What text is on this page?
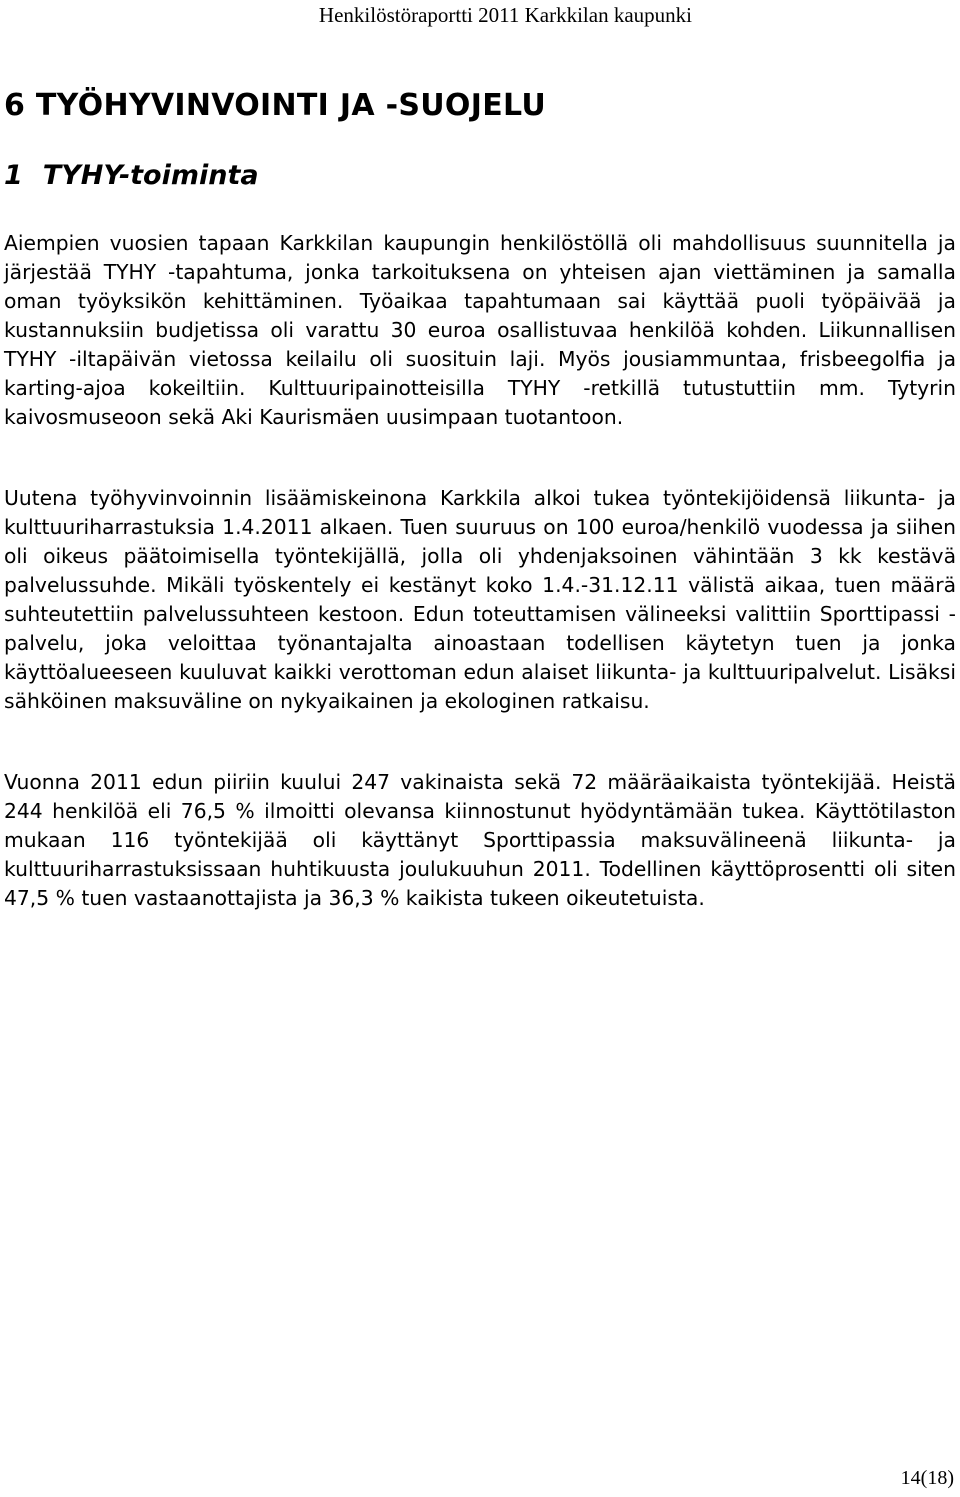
Henkilöstöraportti 2011 Karkkilan kaupunki
6 TYÖHYVINVOINTI JA -SUOJELU
1 TYHY-toiminta

Aiempien vuosien tapaan Karkkilan kaupungin henkilöstöllä oli mahdollisuus suunnitella ja järjestää TYHY -tapahtuma, jonka tarkoituksena on yhteisen ajan viettäminen ja samalla oman työyksikön kehittäminen. Työaikaa tapahtumaan sai käyttää puoli työpäivää ja kustannuksiin budjetissa oli varattu 30 euroa osallistuvaa henkilöä kohden. Liikunnallisen TYHY -iltapäivän vietossa keilailu oli suosituin laji. Myös jousiammuntaa, frisbeegolfia ja karting-ajoa kokeiltiin. Kulttuuripainotteisilla TYHY -retkillä tutustuttiin mm. Tytyrin kaivosmuseoon sekä Aki Kaurismäen uusimpaan tuotantoon.

Uutena työhyvinvoinnin lisäämiskeinona Karkkila alkoi tukea työntekijöidensä liikunta- ja kulttuuriharrastuksia 1.4.2011 alkaen. Tuen suuruus on 100 euroa/henkilö vuodessa ja siihen oli oikeus päätoimisella työntekijällä, jolla oli yhdenjaksoinen vähintään 3 kk kestävä palvelussuhde. Mikäli työskentely ei kestänyt koko 1.4.-31.12.11 välistä aikaa, tuen määrä suhteutettiin palvelussuhteen kestoon. Edun toteuttamisen välineeksi valittiin Sporttipassi -palvelu, joka veloittaa työnantajalta ainoastaan todellisen käytetyn tuen ja jonka käyttöalueeseen kuuluvat kaikki verottoman edun alaiset liikunta- ja kulttuuripalvelut. Lisäksi sähköinen maksuväline on nykyaikainen ja ekologinen ratkaisu.

Vuonna 2011 edun piiriin kuului 247 vakinaista sekä 72 määräaikaista työntekijää. Heistä 244 henkilöä eli 76,5 % ilmoitti olevansa kiinnostunut hyödyntämään tukea. Käyttötilaston mukaan 116 työntekijää oli käyttänyt Sporttipassia maksuvälineenä liikunta- ja kulttuuriharrastuksissaan huhtikuusta joulukuuhun 2011. Todellinen käyttöprosentti oli siten 47,5 % tuen vastaanottajista ja 36,3 % kaikista tukeen oikeutetuista.

14(18)
